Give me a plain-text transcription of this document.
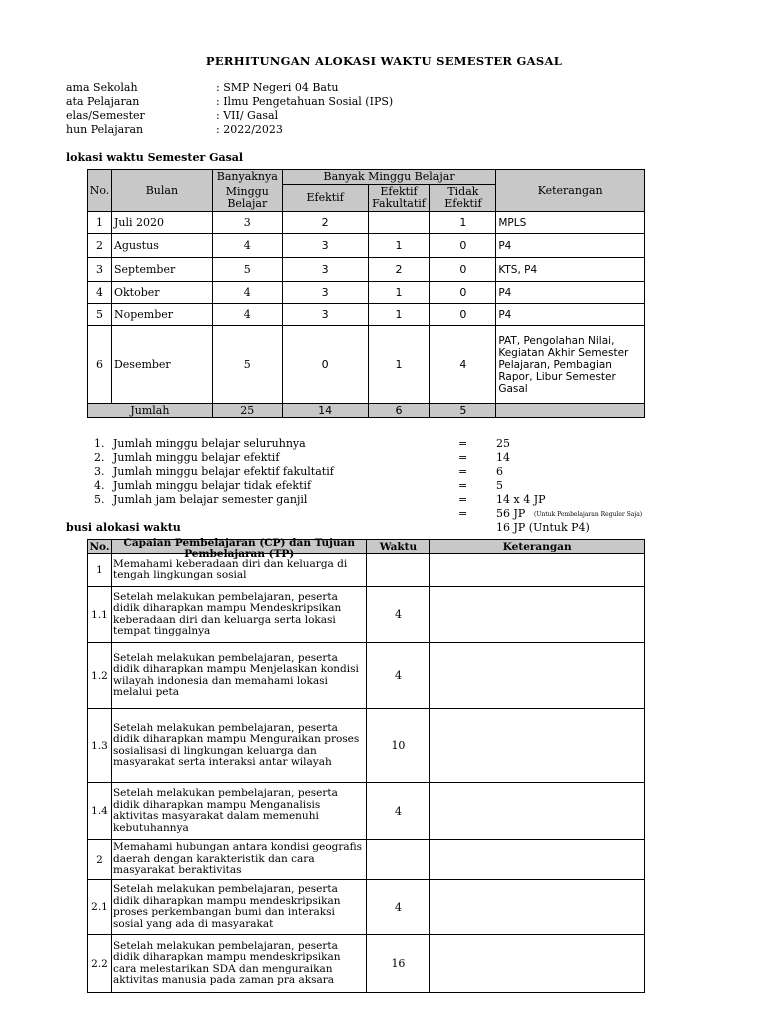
PERHITUNGAN ALOKASI WAKTU SEMESTER GASAL
ama Sekolah	: SMP Negeri 04 Batu
ata Pelajaran	: Ilmu Pengetahuan Sosial (IPS)
elas/Semester	: VII/ Gasal
hun Pelajaran	: 2022/2023
lokasi waktu Semester Gasal
No.	Bulan	Banyaknya	Banyak Minggu Belajar			Keterangan
		Minggu Belajar	Efektif	Efektif Fakultatif	Tidak Efektif	
1	Juli 2020	3	2		1	MPLS
2	Agustus	4	3	1	0	P4
3	September	5	3	2	0	KTS, P4
4	Oktober	4	3	1	0	P4
5	Nopember	4	3	1	0	P4
6	Desember	5	0	1	4	PAT, Pengolahan Nilai, Kegiatan Akhir Semester Pelajaran, Pembagian Rapor, Libur Semester Gasal
Jumlah		25	14	6	5	
1. Jumlah minggu belajar seluruhnya	=	25
2. Jumlah minggu belajar efektif	=	14
3. Jumlah minggu belajar efektif fakultatif	=	6
4. Jumlah minggu belajar tidak efektif	=	5
5. Jumlah jam belajar semester ganjil	=	14 x 4 JP
=	56 JP (Untuk Pembelajaran Reguler Saja)
16 JP (Untuk P4)
busi alokasi waktu
No.	Capaian Pembelajaran (CP) dan Tujuan Pembelajaran (TP)	Waktu	Keterangan
1	Memahami keberadaan diri dan keluarga di tengah lingkungan sosial		
1.1	Setelah melakukan pembelajaran, peserta didik diharapkan mampu Mendeskripsikan keberadaan diri dan keluarga serta lokasi tempat tinggalnya	4	
1.2	Setelah melakukan pembelajaran, peserta didik diharapkan mampu Menjelaskan kondisi wilayah indonesia dan memahami lokasi melalui peta	4	
1.3	Setelah melakukan pembelajaran, peserta didik diharapkan mampu Menguraikan proses sosialisasi di lingkungan keluarga dan masyarakat serta interaksi antar wilayah	10	
1.4	Setelah melakukan pembelajaran, peserta didik diharapkan mampu Menganalisis aktivitas masyarakat dalam memenuhi kebutuhannya	4	
2	Memahami hubungan antara kondisi geografis daerah dengan karakteristik dan cara masyarakat beraktivitas		
2.1	Setelah melakukan pembelajaran, peserta didik diharapkan mampu mendeskripsikan proses perkembangan bumi dan interaksi sosial yang ada di masyarakat	4	
2.2	Setelah melakukan pembelajaran, peserta didik diharapkan mampu mendeskripsikan cara melestarikan SDA dan menguraikan aktivitas manusia pada zaman pra aksara	16	
